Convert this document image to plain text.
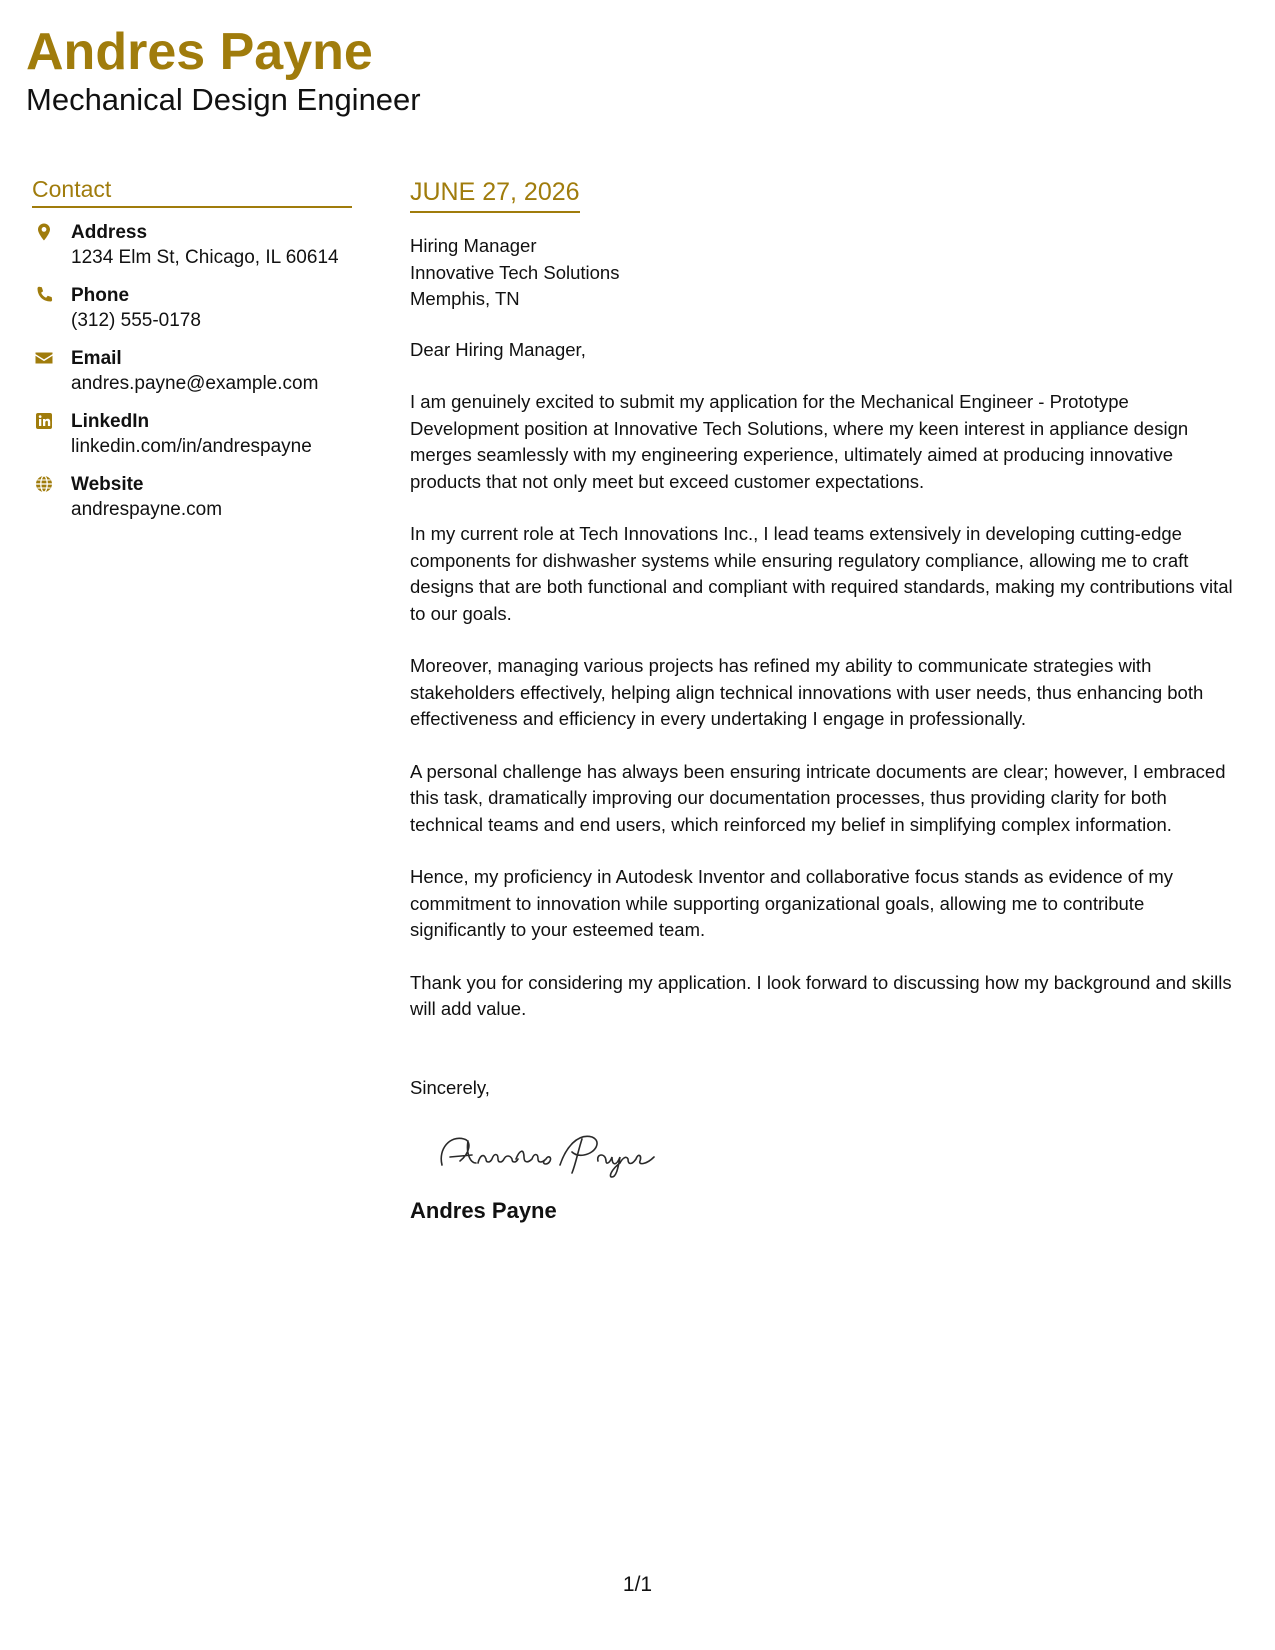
Andres Payne
Mechanical Design Engineer
Contact
Address
1234 Elm St, Chicago, IL 60614
Phone
(312) 555-0178
Email
andres.payne@example.com
LinkedIn
linkedin.com/in/andrespayne
Website
andrespayne.com
JUNE 27, 2026
Hiring Manager
Innovative Tech Solutions
Memphis, TN
Dear Hiring Manager,
I am genuinely excited to submit my application for the Mechanical Engineer - Prototype Development position at Innovative Tech Solutions, where my keen interest in appliance design merges seamlessly with my engineering experience, ultimately aimed at producing innovative products that not only meet but exceed customer expectations.
In my current role at Tech Innovations Inc., I lead teams extensively in developing cutting-edge components for dishwasher systems while ensuring regulatory compliance, allowing me to craft designs that are both functional and compliant with required standards, making my contributions vital to our goals.
Moreover, managing various projects has refined my ability to communicate strategies with stakeholders effectively, helping align technical innovations with user needs, thus enhancing both effectiveness and efficiency in every undertaking I engage in professionally.
A personal challenge has always been ensuring intricate documents are clear; however, I embraced this task, dramatically improving our documentation processes, thus providing clarity for both technical teams and end users, which reinforced my belief in simplifying complex information.
Hence, my proficiency in Autodesk Inventor and collaborative focus stands as evidence of my commitment to innovation while supporting organizational goals, allowing me to contribute significantly to your esteemed team.
Thank you for considering my application. I look forward to discussing how my background and skills will add value.
Sincerely,
Andres Payne
1/1
